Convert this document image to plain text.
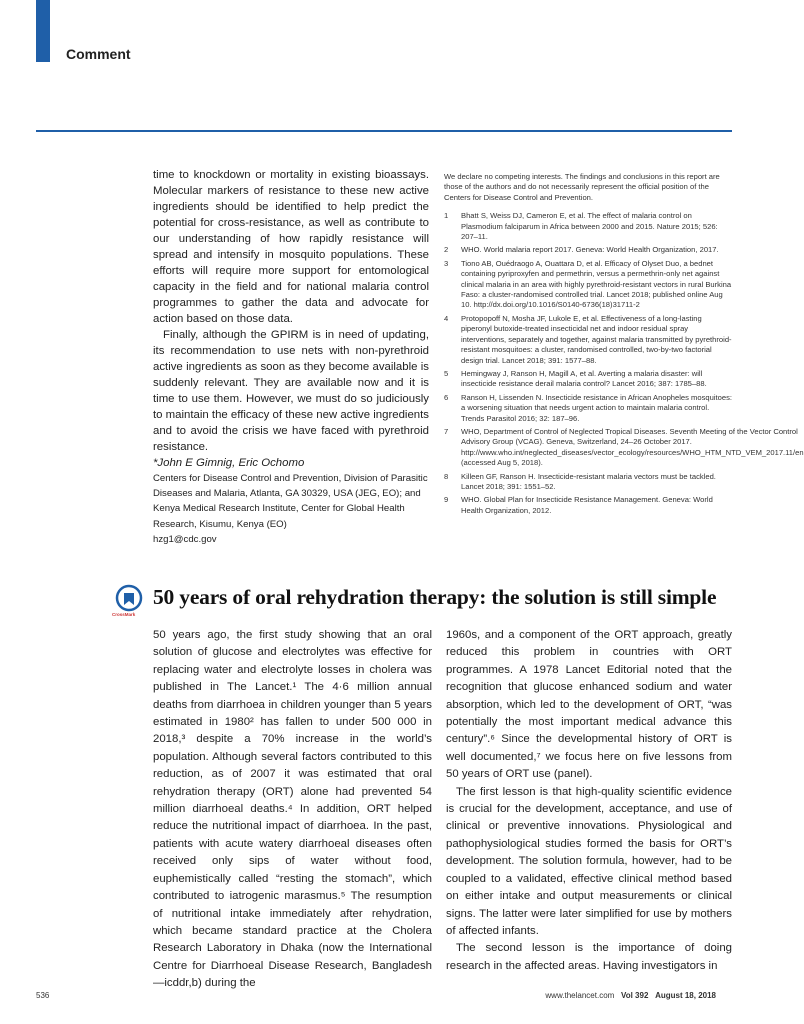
Comment

time to knockdown or mortality in existing bioassays. Molecular markers of resistance to these new active ingredients should be identified to help predict the potential for cross-resistance, as well as contribute to our understanding of how rapidly resistance will spread and intensify in mosquito populations. These efforts will require more support for entomological capacity in the field and for national malaria control programmes to gather the data and advocate for action based on those data.

Finally, although the GPIRM is in need of updating, its recommendation to use nets with non-pyrethroid active ingredients as soon as they become available is suddenly relevant. They are available now and it is time to use them. However, we must do so judiciously to maintain the efficacy of these new active ingredients and to avoid the crisis we have faced with pyrethroid resistance.

*John E Gimnig, Eric Ochomo

Centers for Disease Control and Prevention, Division of Parasitic Diseases and Malaria, Atlanta, GA 30329, USA (JEG, EO); and Kenya Medical Research Institute, Center for Global Health Research, Kisumu, Kenya (EO)

hzg1@cdc.gov

We declare no competing interests. The findings and conclusions in this report are those of the authors and do not necessarily represent the official position of the Centers for Disease Control and Prevention.
1	Bhatt S, Weiss DJ, Cameron E, et al. The effect of malaria control on Plasmodium falciparum in Africa between 2000 and 2015. Nature 2015; 526: 207–11.
2	WHO. World malaria report 2017. Geneva: World Health Organization, 2017.
3	Tiono AB, Ouédraogo A, Ouattara D, et al. Efficacy of Olyset Duo, a bednet containing pyriproxyfen and permethrin, versus a permethrin-only net against clinical malaria in an area with highly pyrethroid-resistant vectors in rural Burkina Faso: a cluster-randomised controlled trial. Lancet 2018; published online Aug 10. http://dx.doi.org/10.1016/S0140-6736(18)31711-2
4	Protopopoff N, Mosha JF, Lukole E, et al. Effectiveness of a long-lasting piperonyl butoxide-treated insecticidal net and indoor residual spray interventions, separately and together, against malaria transmitted by pyrethroid-resistant mosquitoes: a cluster, randomised controlled, two-by-two factorial design trial. Lancet 2018; 391: 1577–88.
5	Hemingway J, Ranson H, Magill A, et al. Averting a malaria disaster: will insecticide resistance derail malaria control? Lancet 2016; 387: 1785–88.
6	Ranson H, Lissenden N. Insecticide resistance in African Anopheles mosquitoes: a worsening situation that needs urgent action to maintain malaria control. Trends Parasitol 2016; 32: 187–96.
7	WHO, Department of Control of Neglected Tropical Diseases. Seventh Meeting of the Vector Control Advisory Group (VCAG). Geneva, Switzerland, 24–26 October 2017. http://www.who.int/neglected_diseases/vector_ecology/resources/WHO_HTM_NTD_VEM_2017.11/en (accessed Aug 5, 2018).
8	Killeen GF, Ranson H. Insecticide-resistant malaria vectors must be tackled. Lancet 2018; 391: 1551–52.
9	WHO. Global Plan for Insecticide Resistance Management. Geneva: World Health Organization, 2012.
CrossMark
50 years of oral rehydration therapy: the solution is still simple

50 years ago, the first study showing that an oral solution of glucose and electrolytes was effective for replacing water and electrolyte losses in cholera was published in The Lancet.¹ The 4·6 million annual deaths from diarrhoea in children younger than 5 years estimated in 1980² has fallen to under 500 000 in 2018,³ despite a 70% increase in the world’s population. Although several factors contributed to this reduction, as of 2007 it was estimated that oral rehydration therapy (ORT) alone had prevented 54 million diarrhoeal deaths.⁴ In addition, ORT helped reduce the nutritional impact of diarrhoea. In the past, patients with acute watery diarrhoeal diseases often received only sips of water without food, euphemistically called “resting the stomach”, which contributed to iatrogenic marasmus.⁵ The resumption of nutritional intake immediately after rehydration, which became standard practice at the Cholera Research Laboratory in Dhaka (now the International Centre for Diarrhoeal Disease Research, Bangladesh—icddr,b) during the

1960s, and a component of the ORT approach, greatly reduced this problem in countries with ORT programmes. A 1978 Lancet Editorial noted that the recognition that glucose enhanced sodium and water absorption, which led to the development of ORT, “was potentially the most important medical advance this century”.⁶ Since the developmental history of ORT is well documented,⁷ we focus here on five lessons from 50 years of ORT use (panel).

The first lesson is that high-quality scientific evidence is crucial for the development, acceptance, and use of clinical or preventive innovations. Physiological and pathophysiological studies formed the basis for ORT’s development. The solution formula, however, had to be coupled to a validated, effective clinical method based on either intake and output measurements or clinical signs. The latter were later simplified for use by mothers of affected infants.

The second lesson is the importance of doing research in the affected areas. Having investigators in

536	www.thelancet.com Vol 392 August 18, 2018
